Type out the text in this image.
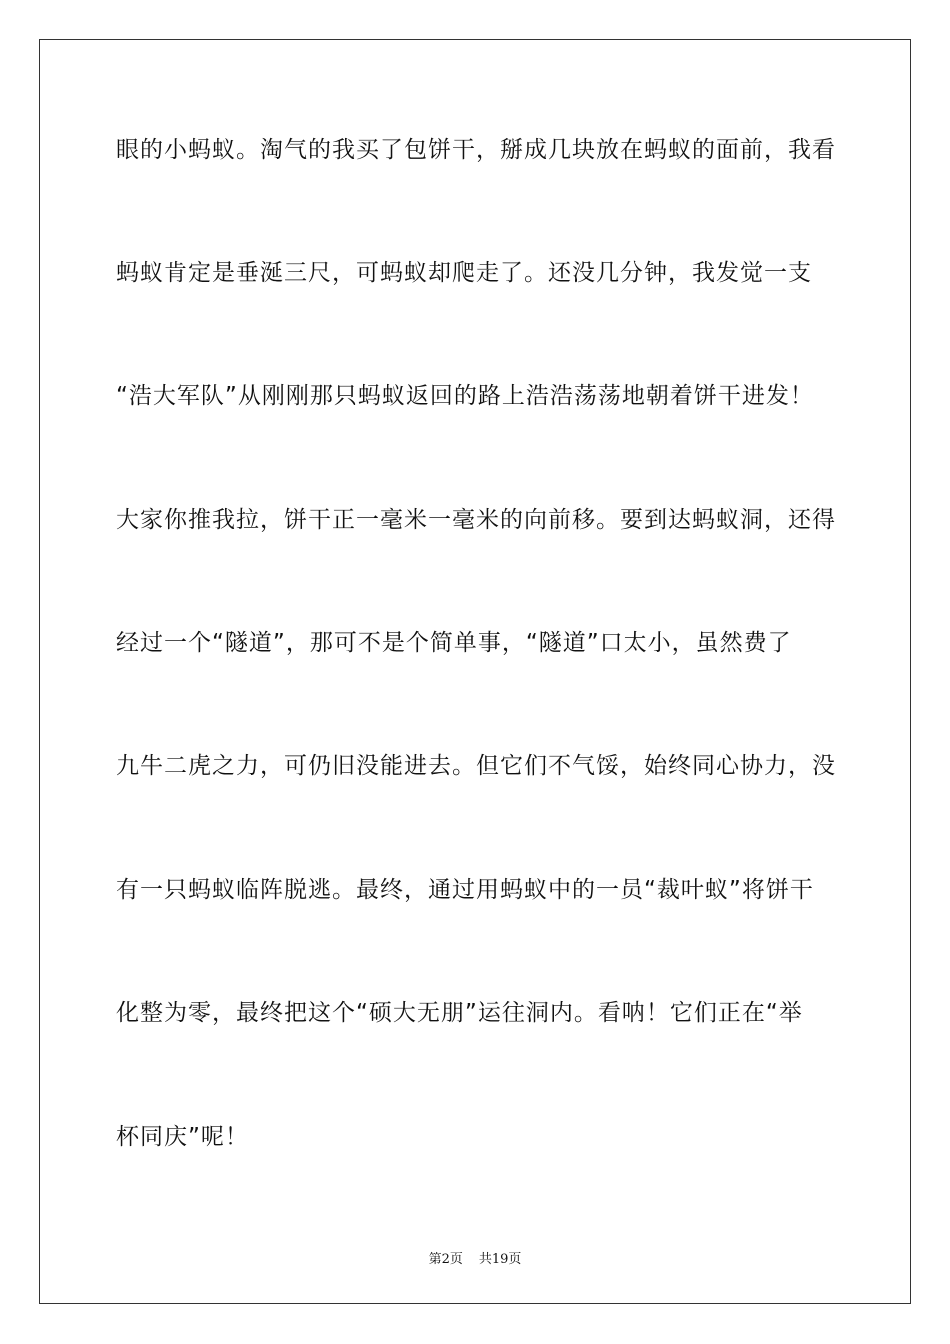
眼的小蚂蚁。淘气的我买了包饼干，掰成几块放在蚂蚁的面前，我看

蚂蚁肯定是垂涎三尺，可蚂蚁却爬走了。还没几分钟，我发觉一支

“浩大军队”从刚刚那只蚂蚁返回的路上浩浩荡荡地朝着饼干进发！

大家你推我拉，饼干正一毫米一毫米的向前移。要到达蚂蚁洞，还得

经过一个“隧道”，那可不是个简单事，“隧道”口太小，虽然费了

九牛二虎之力，可仍旧没能进去。但它们不气馁，始终同心协力，没

有一只蚂蚁临阵脱逃。最终，通过用蚂蚁中的一员“裁叶蚁”将饼干

化整为零，最终把这个“硕大无朋”运往洞内。看呐！它们正在“举

杯同庆”呢！

第2页 共19页
